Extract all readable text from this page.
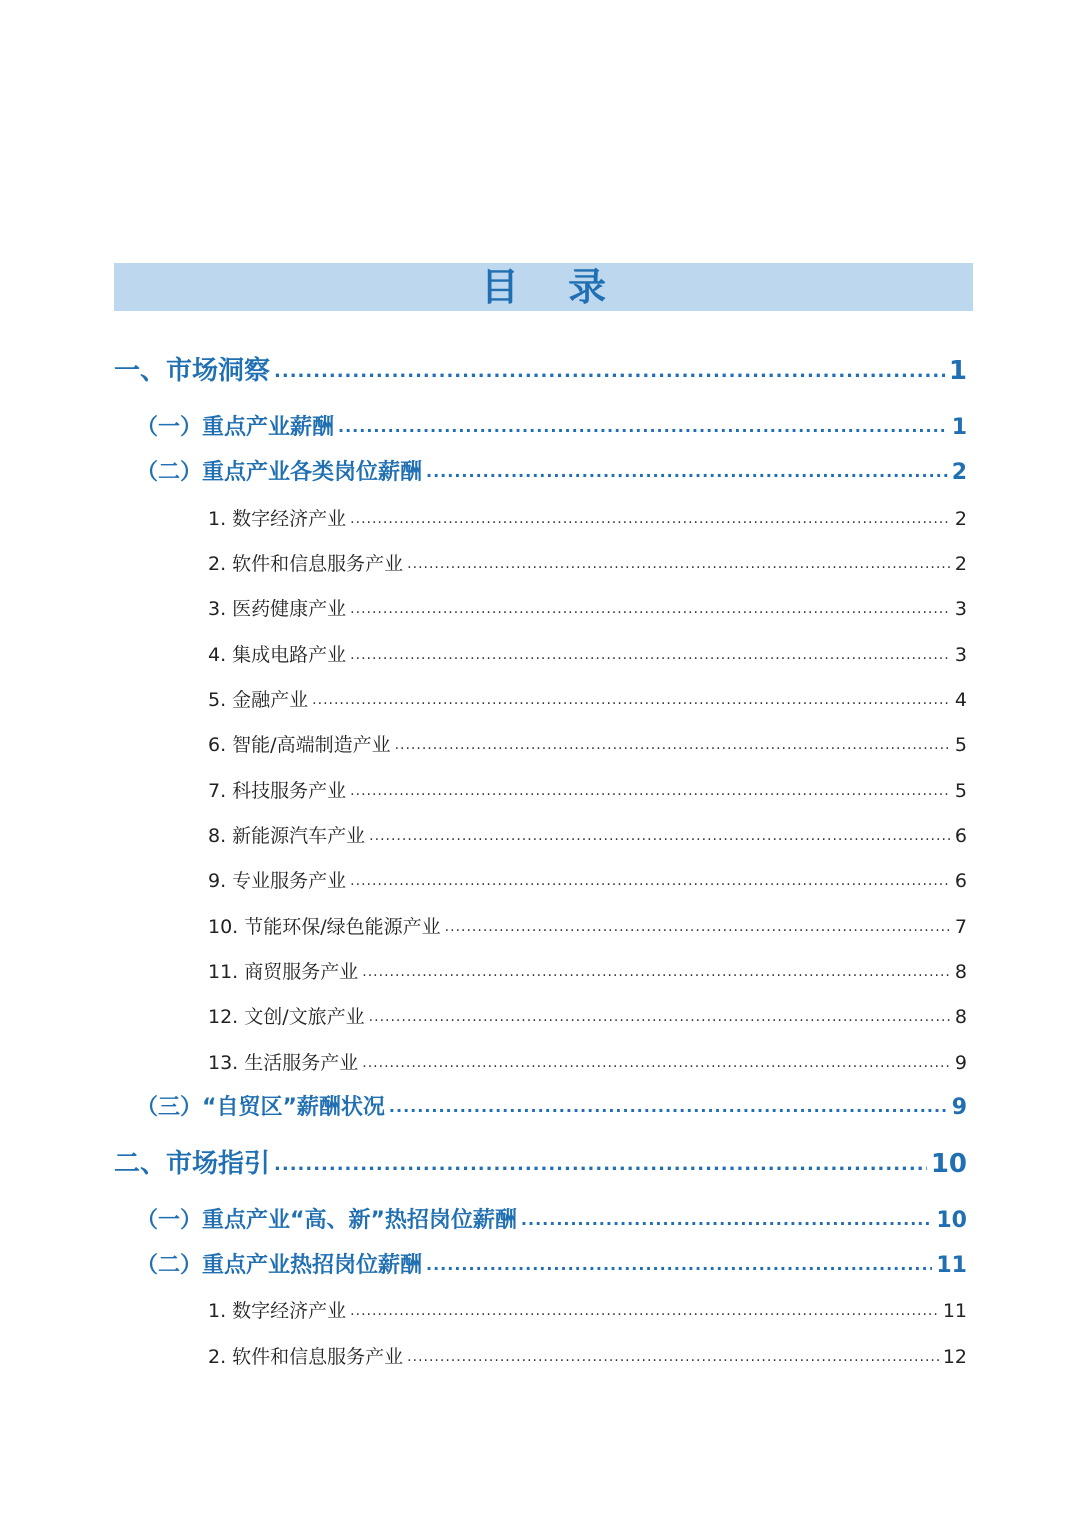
目 录
一、市场洞察 .....	1
（一）重点产业薪酬 .....	1
（二）重点产业各类岗位薪酬 .....	2
1. 数字经济产业 .....	2
2. 软件和信息服务产业 .....	2
3. 医药健康产业 .....	3
4. 集成电路产业 .....	3
5. 金融产业 .....	4
6. 智能/高端制造产业 .....	5
7. 科技服务产业 .....	5
8. 新能源汽车产业 .....	6
9. 专业服务产业 .....	6
10. 节能环保/绿色能源产业 .....	7
11. 商贸服务产业 .....	8
12. 文创/文旅产业 .....	8
13. 生活服务产业 .....	9
（三）“自贸区”薪酬状况 .....	9
二、市场指引 .....	10
（一）重点产业“高、新”热招岗位薪酬 .....	10
（二）重点产业热招岗位薪酬 .....	11
1. 数字经济产业 .....	11
2. 软件和信息服务产业 .....	12
